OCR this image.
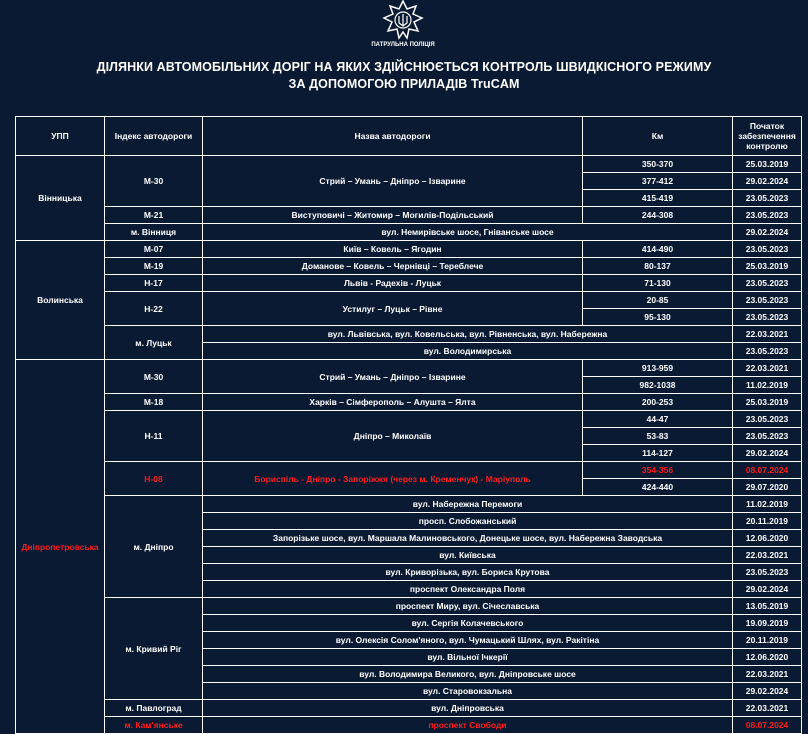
ПАТРУЛЬНА ПОЛІЦІЯ
ДІЛЯНКИ АВТОМОБІЛЬНИХ ДОРІГ НА ЯКИХ ЗДІЙСНЮЄТЬСЯ КОНТРОЛЬ ШВИДКІСНОГО РЕЖИМУ
ЗА ДОПОМОГОЮ ПРИЛАДІВ TruCAM
УПП	Індекс автодороги	Назва автодороги	Км	Початок забезпечення контролю
Вінницька	М-30	Стрий – Умань – Дніпро – Ізварине	350-370	25.03.2019
			377-412	29.02.2024
			415-419	23.05.2023
	М-21	Виступовичі – Житомир – Могилів-Подільський	244-308	23.05.2023
	м. Вінниця	вул. Немирівське шосе, Гніванське шосе		29.02.2024
Волинська	М-07	Київ – Ковель – Ягодин	414-490	23.05.2023
	М-19	Доманове – Ковель – Чернівці – Тереблече	80-137	25.03.2019
	Н-17	Львів - Радехів - Луцьк	71-130	23.05.2023
	Н-22	Устилуг – Луцьк – Рівне	20-85	23.05.2023
			95-130	23.05.2023
	м. Луцьк	вул. Львівська, вул. Ковельська, вул. Рівненська, вул. Набережна		22.03.2021
		вул. Володимирська		23.05.2023
Дніпропетровська	М-30	Стрий – Умань – Дніпро – Ізварине	913-959	22.03.2021
			982-1038	11.02.2019
	М-18	Харків – Сімферополь – Алушта – Ялта	200-253	25.03.2019
	Н-11	Дніпро – Миколаїв	44-47	23.05.2023
			53-83	23.05.2023
			114-127	29.02.2024
	Н-08	Бориспіль - Дніпро - Запоріжжя (через м. Кременчук) - Маріуполь	354-356	08.07.2024
			424-440	29.07.2020
	м. Дніпро	вул. Набережна Перемоги		11.02.2019
		просп. Слобожанський		20.11.2019
		Запорізьке шосе, вул. Маршала Малиновського, Донецьке шосе, вул. Набережна Заводська		12.06.2020
		вул. Київська		22.03.2021
		вул. Криворізька, вул. Бориса Крутова		23.05.2023
		проспект Олександра Поля		29.02.2024
	м. Кривий Ріг	проспект Миру, вул. Січеславська		13.05.2019
		вул. Сергія Колачевського		19.09.2019
		вул. Олексія Солом'яного, вул. Чумацький Шлях, вул. Ракітіна		20.11.2019
		вул. Вільної Ічкерії		12.06.2020
		вул. Володимира Великого, вул. Дніпровське шосе		22.03.2021
		вул. Старовокзальна		29.02.2024
	м. Павлоград	вул. Дніпровська		22.03.2021
	м. Кам'янське	проспект Свободи		08.07.2024
